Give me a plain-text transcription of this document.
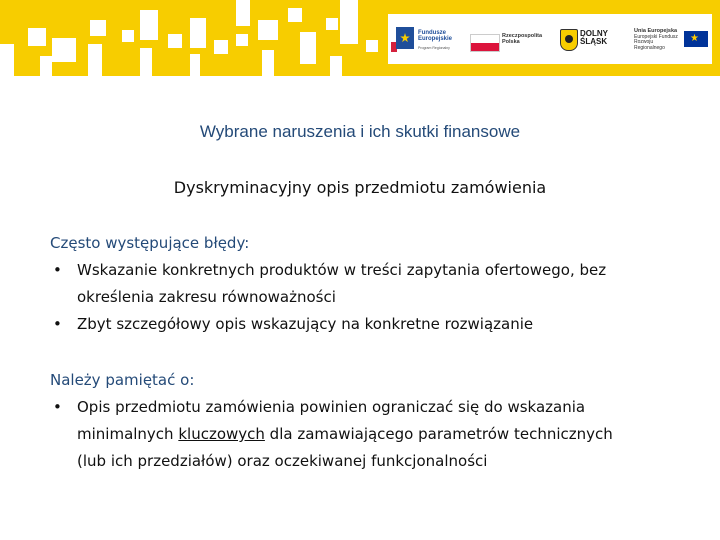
Fundusze Europejskie
Program Regionalny
Rzeczpospolita Polska
DOLNY ŚLĄSK
Unia Europejska
Europejski Fundusz Rozwoju Regionalnego
★
Wybrane naruszenia i ich skutki finansowe
Dyskryminacyjny opis przedmiotu zamówienia
Często występujące błędy:
• Wskazanie konkretnych produktów w treści zapytania ofertowego, bez
określenia zakresu równoważności
• Zbyt szczegółowy opis wskazujący na konkretne rozwiązanie
Należy pamiętać o:
• Opis przedmiotu zamówienia powinien ograniczać się do wskazania
minimalnych kluczowych dla zamawiającego parametrów technicznych
(lub ich przedziałów) oraz oczekiwanej funkcjonalności
